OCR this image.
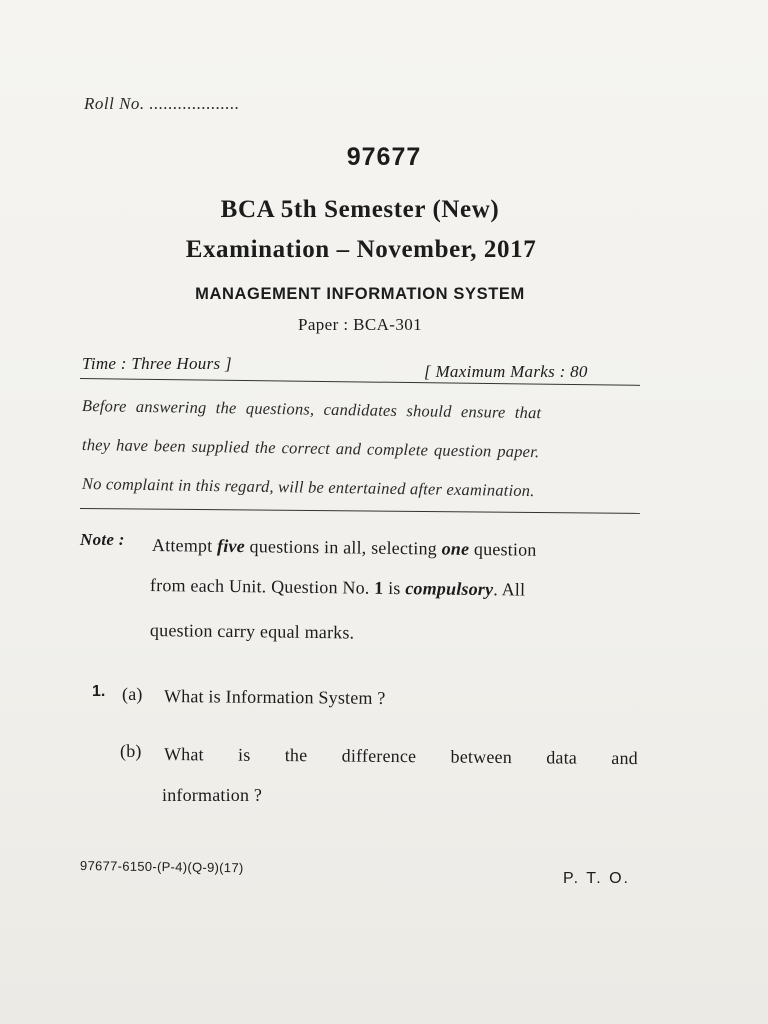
Roll No. ...................
97677
BCA 5th Semester (New)
Examination – November, 2017
MANAGEMENT INFORMATION SYSTEM
Paper : BCA-301
Time : Three Hours ]	[ Maximum Marks : 80
Before answering the questions, candidates should ensure that
they have been supplied the correct and complete question paper.
No complaint in this regard, will be entertained after examination.
Note : Attempt five questions in all, selecting one question
from each Unit. Question No. 1 is compulsory. All
question carry equal marks.
1. (a) What is Information System ?
(b) What is the difference between data and
information ?
97677-6150-(P-4)(Q-9)(17)
P. T. O.
